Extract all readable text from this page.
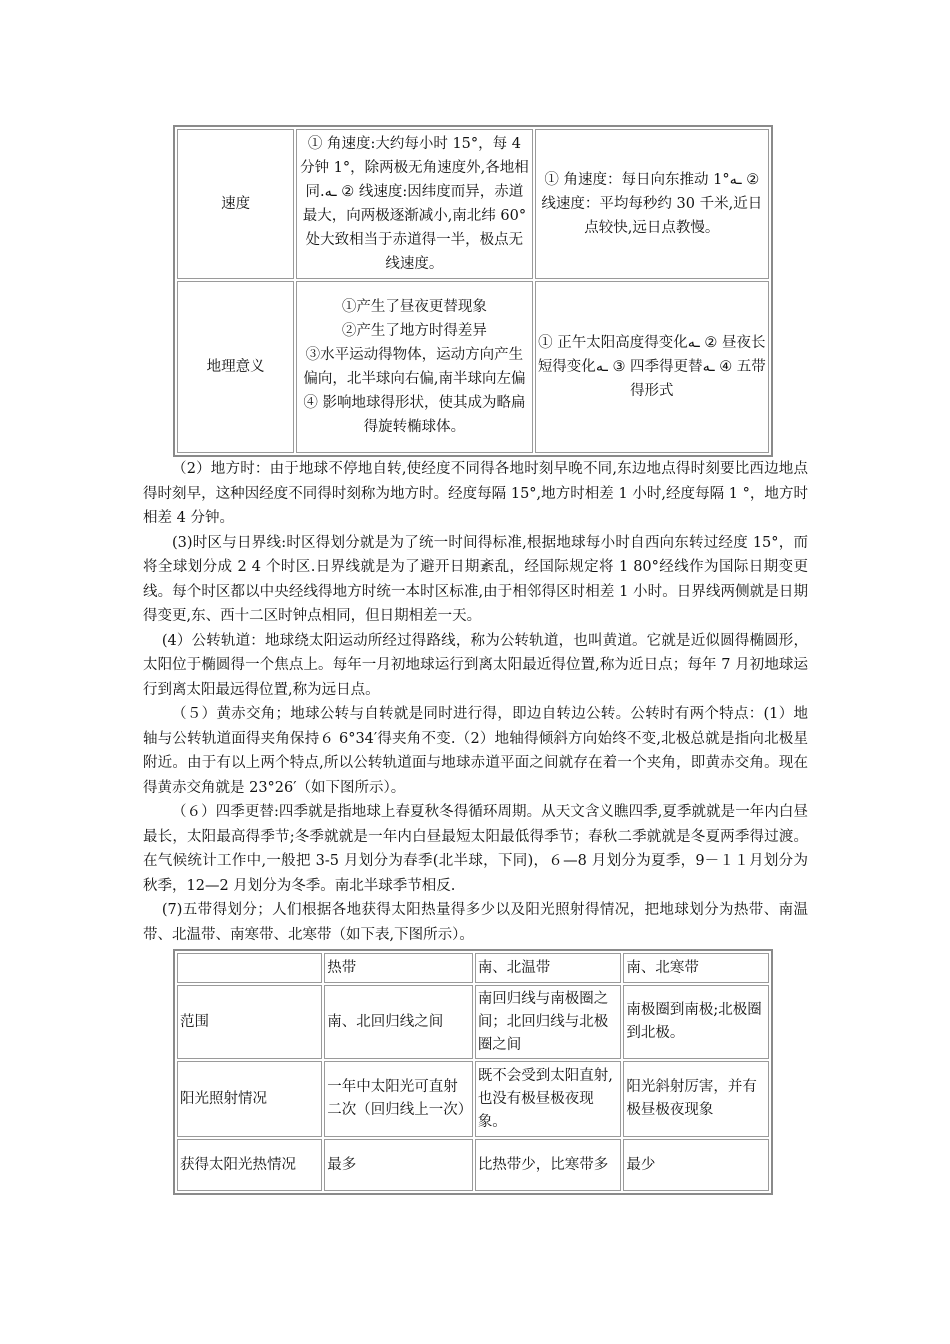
速度	① 角速度:大约每小时 15°，每 4 分钟 1°，除两极无角速度外,各地相同.ـه ② 线速度:因纬度而异，赤道最大，向两极逐渐减小,南北纬 60°处大致相当于赤道得一半，极点无线速度。	① 角速度：每日向东推动 1°ـه ②线速度：平均每秒约 30 千米,近日点较快,远日点教慢。
地理意义	①产生了昼夜更替现象
②产生了地方时得差异
③水平运动得物体，运动方向产生偏向，北半球向右偏,南半球向左偏
④ 影响地球得形状，使其成为略扁得旋转椭球体。	① 正午太阳高度得变化ـه ② 昼夜长短得变化ـه ③ 四季得更替ـه ④ 五带得形式

（2）地方时：由于地球不停地自转,使经度不同得各地时刻早晚不同,东边地点得时刻要比西边地点得时刻早，这种因经度不同得时刻称为地方时。经度每隔 15°,地方时相差 1 小时,经度每隔 1 °，地方时相差 4 分钟。

(3)时区与日界线:时区得划分就是为了统一时间得标准,根据地球每小时自西向东转过经度 15°，而将全球划分成 2 4 个时区.日界线就是为了避开日期紊乱，经国际规定将 1 80°经线作为国际日期变更线。每个时区都以中央经线得地方时统一本时区标准,由于相邻得区时相差 1 小时。日界线两侧就是日期得变更,东、西十二区时钟点相同，但日期相差一天。

(4）公转轨道：地球绕太阳运动所经过得路线，称为公转轨道，也叫黄道。它就是近似圆得椭圆形，太阳位于椭圆得一个焦点上。每年一月初地球运行到离太阳最近得位置,称为近日点；每年 7 月初地球运行到离太阳最远得位置,称为远日点。

（５）黄赤交角；地球公转与自转就是同时进行得，即边自转边公转。公转时有两个特点：(1）地轴与公转轨道面得夹角保持６ 6°34′得夹角不变.（2）地轴得倾斜方向始终不变,北极总就是指向北极星附近。由于有以上两个特点,所以公转轨道面与地球赤道平面之间就存在着一个夹角，即黄赤交角。现在得黄赤交角就是 23°26′（如下图所示）。

（６）四季更替:四季就是指地球上春夏秋冬得循环周期。从天文含义瞧四季,夏季就就是一年内白昼最长，太阳最高得季节;冬季就就是一年内白昼最短太阳最低得季节；春秋二季就就是冬夏两季得过渡。在气候统计工作中,一般把 3-5 月划分为春季(北半球，下同)，６—8 月划分为夏季，9－１１月划分为秋季，12—2 月划分为冬季。南北半球季节相反.

(7)五带得划分；人们根据各地获得太阳热量得多少以及阳光照射得情况，把地球划分为热带、南温带、北温带、南寒带、北寒带（如下表,下图所示）。

	热带	南、北温带	南、北寒带
范围	南、北回归线之间	南回归线与南极圈之间；北回归线与北极圈之间	南极圈到南极;北极圈到北极。
阳光照射情况	一年中太阳光可直射二次（回归线上一次）	既不会受到太阳直射,也没有极昼极夜现象。	阳光斜射厉害，并有极昼极夜现象
获得太阳光热情况	最多	比热带少，比寒带多	最少
